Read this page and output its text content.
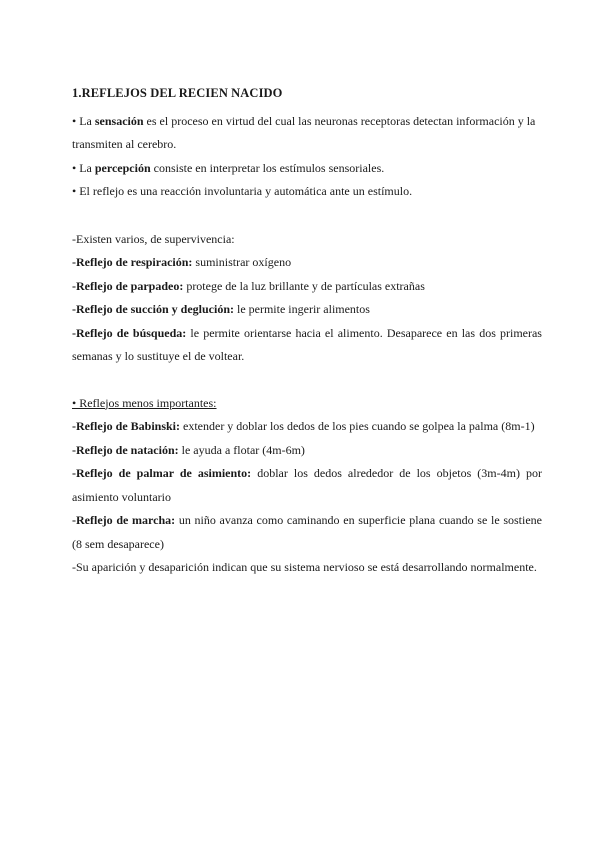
1.REFLEJOS DEL RECIEN NACIDO

• La sensación es el proceso en virtud del cual las neuronas receptoras detectan información y la transmiten al cerebro.

• La percepción consiste en interpretar los estímulos sensoriales.

• El reflejo es una reacción involuntaria y automática ante un estímulo.

-Existen varios, de supervivencia:

-Reflejo de respiración: suministrar oxígeno

-Reflejo de parpadeo: protege de la luz brillante y de partículas extrañas

-Reflejo de succión y deglución: le permite ingerir alimentos

-Reflejo de búsqueda: le permite orientarse hacia el alimento. Desaparece en las dos primeras semanas y lo sustituye el de voltear.

• Reflejos menos importantes:

-Reflejo de Babinski: extender y doblar los dedos de los pies cuando se golpea la palma (8m-1)

-Reflejo de natación: le ayuda a flotar (4m-6m)

-Reflejo de palmar de asimiento: doblar los dedos alrededor de los objetos (3m-4m) por asimiento voluntario

-Reflejo de marcha: un niño avanza como caminando en superficie plana cuando se le sostiene (8 sem desaparece)

-Su aparición y desaparición indican que su sistema nervioso se está desarrollando normalmente.
